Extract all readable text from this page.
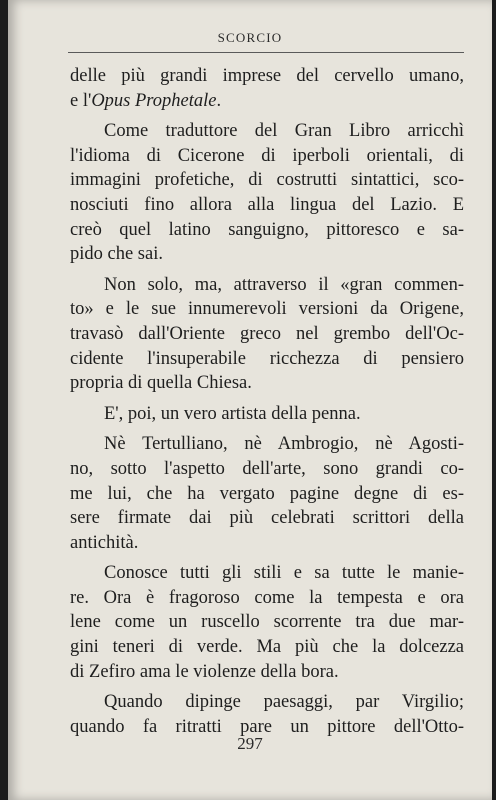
SCORCIO
delle più grandi imprese del cervello umano,
e l'Opus Prophetale.
Come traduttore del Gran Libro arricchì
l'idioma di Cicerone di iperboli orientali, di
immagini profetiche, di costrutti sintattici, sco-
nosciuti fino allora alla lingua del Lazio. E
creò quel latino sanguigno, pittoresco e sa-
pido che sai.
Non solo, ma, attraverso il «gran commen-
to» e le sue innumerevoli versioni da Origene,
travasò dall'Oriente greco nel grembo dell'Oc-
cidente l'insuperabile ricchezza di pensiero
propria di quella Chiesa.
E', poi, un vero artista della penna.
Nè Tertulliano, nè Ambrogio, nè Agosti-
no, sotto l'aspetto dell'arte, sono grandi co-
me lui, che ha vergato pagine degne di es-
sere firmate dai più celebrati scrittori della
antichità.
Conosce tutti gli stili e sa tutte le manie-
re. Ora è fragoroso come la tempesta e ora
lene come un ruscello scorrente tra due mar-
gini teneri di verde. Ma più che la dolcezza
di Zefiro ama le violenze della bora.
Quando dipinge paesaggi, par Virgilio;
quando fa ritratti pare un pittore dell'Otto-
297
